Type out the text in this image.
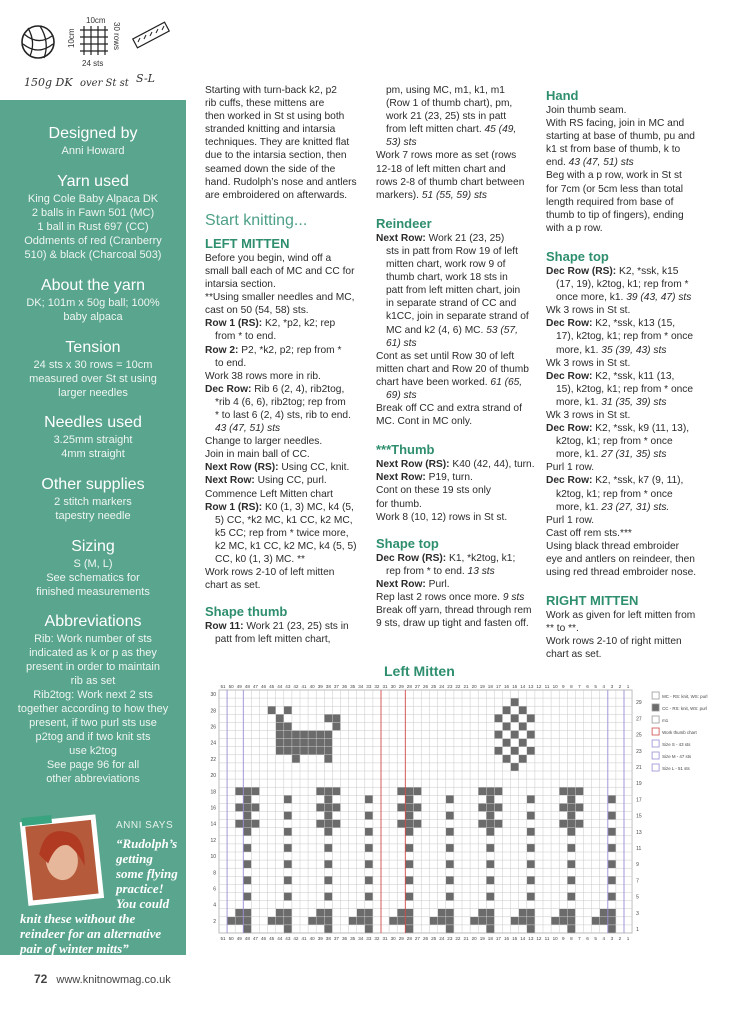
10cm
24 sts
10cm	30 rows
150g DK over St st S-L
Designed by
Anni Howard
Yarn used
King Cole Baby Alpaca DK
2 balls in Fawn 501 (MC)
1 ball in Rust 697 (CC)
Oddments of red (Cranberry
510) & black (Charcoal 503)
About the yarn
DK; 101m x 50g ball; 100%
baby alpaca
Tension
24 sts x 30 rows = 10cm
measured over St st using
larger needles
Needles used
3.25mm straight
4mm straight
Other supplies
2 stitch markers
tapestry needle
Sizing
S (M, L)
See schematics for
finished measurements
Abbreviations
Rib: Work number of sts
indicated as k or p as they
present in order to maintain
rib as set
Rib2tog: Work next 2 sts
together according to how they
present, if two purl sts use
p2tog and if two knit sts
use k2tog
See page 96 for all
other abbreviations
ANNI SAYS
“Rudolph’s
getting
some flying
practice!
You could
knit these without the
reindeer for an alternative
pair of winter mitts”

Starting with turn-back k2, p2

rib cuffs, these mittens are

then worked in St st using both

stranded knitting and intarsia

techniques. They are knitted flat

due to the intarsia section, then

seamed down the side of the

hand. Rudolph’s nose and antlers

are embroidered on afterwards.

Start knitting...
LEFT MITTEN

Before you begin, wind off a

small ball each of MC and CC for

intarsia section.

**Using smaller needles and MC,

cast on 50 (54, 58) sts.

Row 1 (RS): K2, *p2, k2; rep

from * to end.

Row 2: P2, *k2, p2; rep from *

to end.

Work 38 rows more in rib.

Dec Row: Rib 6 (2, 4), rib2tog,

*rib 4 (6, 6), rib2tog; rep from

* to last 6 (2, 4) sts, rib to end.

43 (47, 51) sts

Change to larger needles.

Join in main ball of CC.

Next Row (RS): Using CC, knit.

Next Row: Using CC, purl.

Commence Left Mitten chart

Row 1 (RS): K0 (1, 3) MC, k4 (5,

5) CC, *k2 MC, k1 CC, k2 MC,

k5 CC; rep from * twice more,

k2 MC, k1 CC, k2 MC, k4 (5, 5)

CC, k0 (1, 3) MC. **

Work rows 2-10 of left mitten

chart as set.

Shape thumb

Row 11: Work 21 (23, 25) sts in

patt from left mitten chart,

pm, using MC, m1, k1, m1

(Row 1 of thumb chart), pm,

work 21 (23, 25) sts in patt

from left mitten chart. 45 (49,

53) sts

Work 7 rows more as set (rows

12-18 of left mitten chart and

rows 2-8 of thumb chart between

markers). 51 (55, 59) sts

Reindeer

Next Row: Work 21 (23, 25)

sts in patt from Row 19 of left

mitten chart, work row 9 of

thumb chart, work 18 sts in

patt from left mitten chart, join

in separate strand of CC and

k1CC, join in separate strand of

MC and k2 (4, 6) MC. 53 (57,

61) sts

Cont as set until Row 30 of left

mitten chart and Row 20 of thumb

chart have been worked. 61 (65,

69) sts

Break off CC and extra strand of

MC. Cont in MC only.

***Thumb

Next Row (RS): K40 (42, 44), turn.

Next Row: P19, turn.

Cont on these 19 sts only

for thumb.

Work 8 (10, 12) rows in St st.

Shape top

Dec Row (RS): K1, *k2tog, k1;

rep from * to end. 13 sts

Next Row: Purl.

Rep last 2 rows once more. 9 sts

Break off yarn, thread through rem

9 sts, draw up tight and fasten off.

Hand

Join thumb seam.

With RS facing, join in MC and

starting at base of thumb, pu and

k1 st from base of thumb, k to

end. 43 (47, 51) sts

Beg with a p row, work in St st

for 7cm (or 5cm less than total

length required from base of

thumb to tip of fingers), ending

with a p row.

Shape top

Dec Row (RS): K2, *ssk, k15

(17, 19), k2tog, k1; rep from *

once more, k1. 39 (43, 47) sts

Wk 3 rows in St st.

Dec Row: K2, *ssk, k13 (15,

17), k2tog, k1; rep from * once

more, k1. 35 (39, 43) sts

Wk 3 rows in St st.

Dec Row: K2, *ssk, k11 (13,

15), k2tog, k1; rep from * once

more, k1. 31 (35, 39) sts

Wk 3 rows in St st.

Dec Row: K2, *ssk, k9 (11, 13),

k2tog, k1; rep from * once

more, k1. 27 (31, 35) sts

Purl 1 row.

Dec Row: K2, *ssk, k7 (9, 11),

k2tog, k1; rep from * once

more, k1. 23 (27, 31) sts.

Purl 1 row.

Cast off rem sts.***

Using black thread embroider

eye and antlers on reindeer, then

using red thread embroider nose.

RIGHT MITTEN

Work as given for left mitten from

** to **.

Work rows 2-10 of right mitten

chart as set.

Left Mitten
51
51
50
50
49
49
48
48
47
47
46
46
45
45
44
44
43
43
42
42
41
41
40
40
39
39
38
38
37
37
36
36
35
35
34
34
33
33
32
32
31
31
30
30
29
29
28
28
27
27
26
26
25
25
24
24
23
23
22
22
21
21
20
20
19
19
18
18
17
17
16
16
15
15
14
14
13
13
12
12
11
11
10
10
9
9
8
8
7
7
6
6
5
5
4
4
3
3
2
2
1
1
30
28
26
24
22
20
18
16
14
12
10
8
6
4
2
29
27
25
23
21
19
17
15
13
11
9
7
5
3
1
MC - RS: knit, WS: purl
CC - RS: knit, WS: purl
m1
Work thumb chart
Size S - 43 sts
Size M - 47 sts
Size L - 51 sts
72 www.knitnowmag.co.uk
